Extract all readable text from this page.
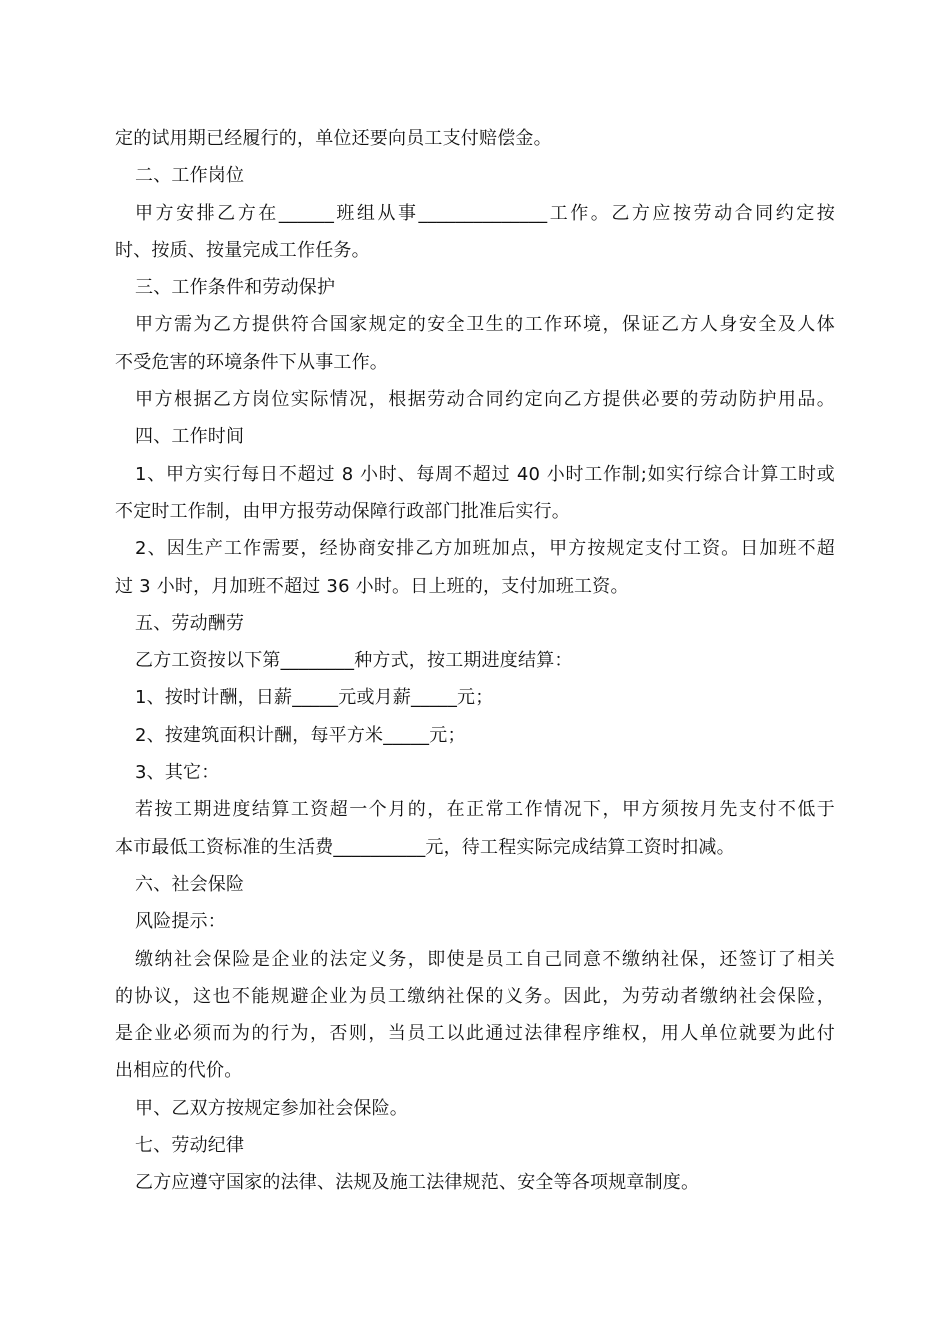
定的试用期已经履行的，单位还要向员工支付赔偿金。
二、工作岗位
甲方安排乙方在______班组从事______________工作。乙方应按劳动合同约定按
时、按质、按量完成工作任务。
三、工作条件和劳动保护
甲方需为乙方提供符合国家规定的安全卫生的工作环境，保证乙方人身安全及人体
不受危害的环境条件下从事工作。
甲方根据乙方岗位实际情况，根据劳动合同约定向乙方提供必要的劳动防护用品。
四、工作时间
1、甲方实行每日不超过 8 小时、每周不超过 40 小时工作制;如实行综合计算工时或
不定时工作制，由甲方报劳动保障行政部门批准后实行。
2、因生产工作需要，经协商安排乙方加班加点，甲方按规定支付工资。日加班不超
过 3 小时，月加班不超过 36 小时。日上班的，支付加班工资。
五、劳动酬劳
乙方工资按以下第________种方式，按工期进度结算：
1、按时计酬，日薪_____元或月薪_____元；
2、按建筑面积计酬，每平方米_____元；
3、其它：
若按工期进度结算工资超一个月的，在正常工作情况下，甲方须按月先支付不低于
本市最低工资标准的生活费__________元，待工程实际完成结算工资时扣减。
六、社会保险
风险提示：
缴纳社会保险是企业的法定义务，即使是员工自己同意不缴纳社保，还签订了相关
的协议，这也不能规避企业为员工缴纳社保的义务。因此，为劳动者缴纳社会保险，
是企业必须而为的行为，否则，当员工以此通过法律程序维权，用人单位就要为此付
出相应的代价。
甲、乙双方按规定参加社会保险。
七、劳动纪律
乙方应遵守国家的法律、法规及施工法律规范、安全等各项规章制度。
